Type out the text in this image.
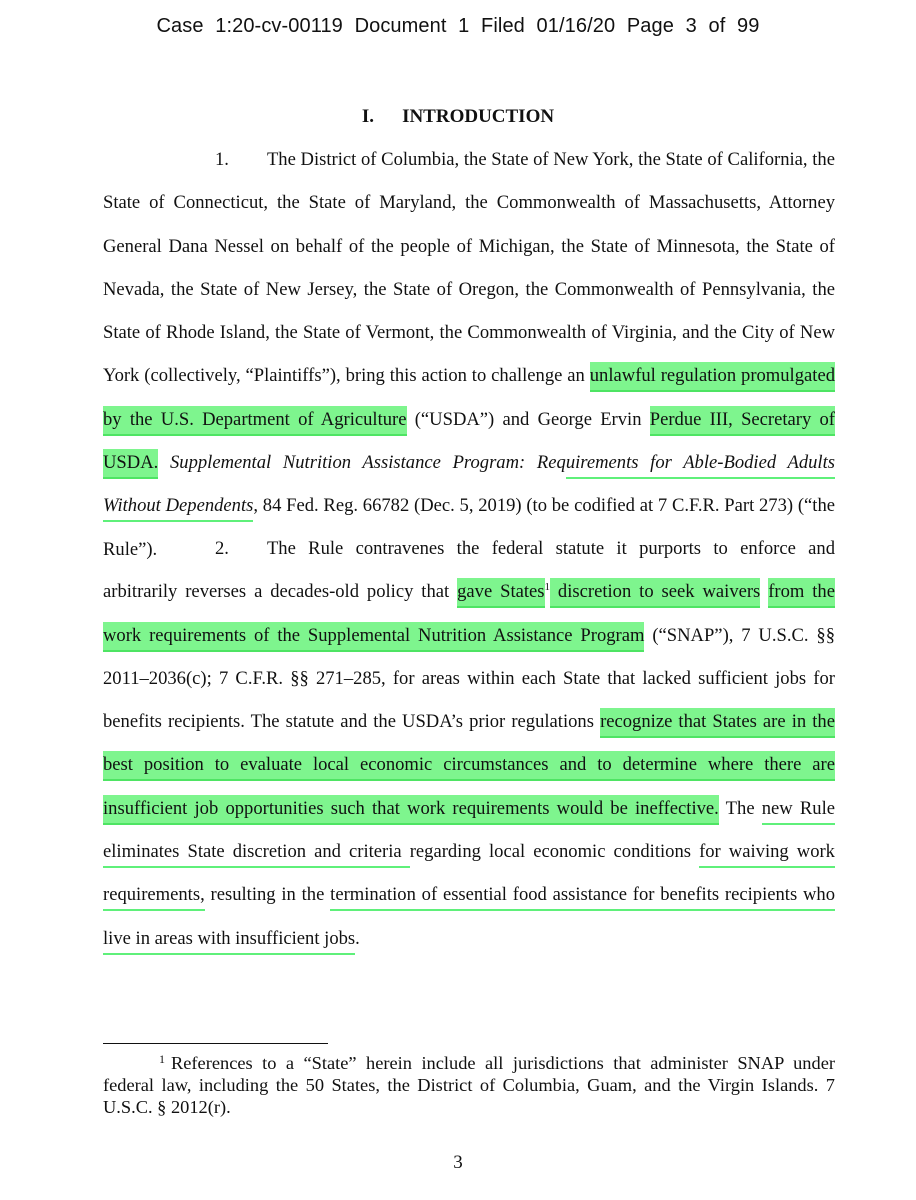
Case 1:20-cv-00119 Document 1 Filed 01/16/20 Page 3 of 99
I. INTRODUCTION

1. The District of Columbia, the State of New York, the State of California, the State of Connecticut, the State of Maryland, the Commonwealth of Massachusetts, Attorney General Dana Nessel on behalf of the people of Michigan, the State of Minnesota, the State of Nevada, the State of New Jersey, the State of Oregon, the Commonwealth of Pennsylvania, the State of Rhode Island, the State of Vermont, the Commonwealth of Virginia, and the City of New York (collectively, “Plaintiffs”), bring this action to challenge an unlawful regulation promulgated by the U.S. Department of Agriculture (“USDA”) and George Ervin Perdue III, Secretary of USDA. Supplemental Nutrition Assistance Program: Requirements for Able-Bodied Adults Without Dependents, 84 Fed. Reg. 66782 (Dec. 5, 2019) (to be codified at 7 C.F.R. Part 273) (“the Rule”).	2. The Rule contravenes the federal statute it purports to enforce and arbitrarily reverses a decades-old policy that gave States$^1$ discretion to seek waivers from the work requirements of the Supplemental Nutrition Assistance Program (“SNAP”), 7 U.S.C. §§ 2011–2036(c); 7 C.F.R. §§ 271–285, for areas within each State that lacked sufficient jobs for benefits recipients. The statute and the USDA’s prior regulations recognize that States are in the best position to evaluate local economic circumstances and to determine where there are insufficient job opportunities such that work requirements would be ineffective. The new Rule eliminates State discretion and criteria regarding local economic conditions for waiving work requirements, resulting in the termination of essential food assistance for benefits recipients who live in areas with insufficient jobs.

$^1$ References to a “State” herein include all jurisdictions that administer SNAP under federal law, including the 50 States, the District of Columbia, Guam, and the Virgin Islands. 7 U.S.C. § 2012(r).

3
